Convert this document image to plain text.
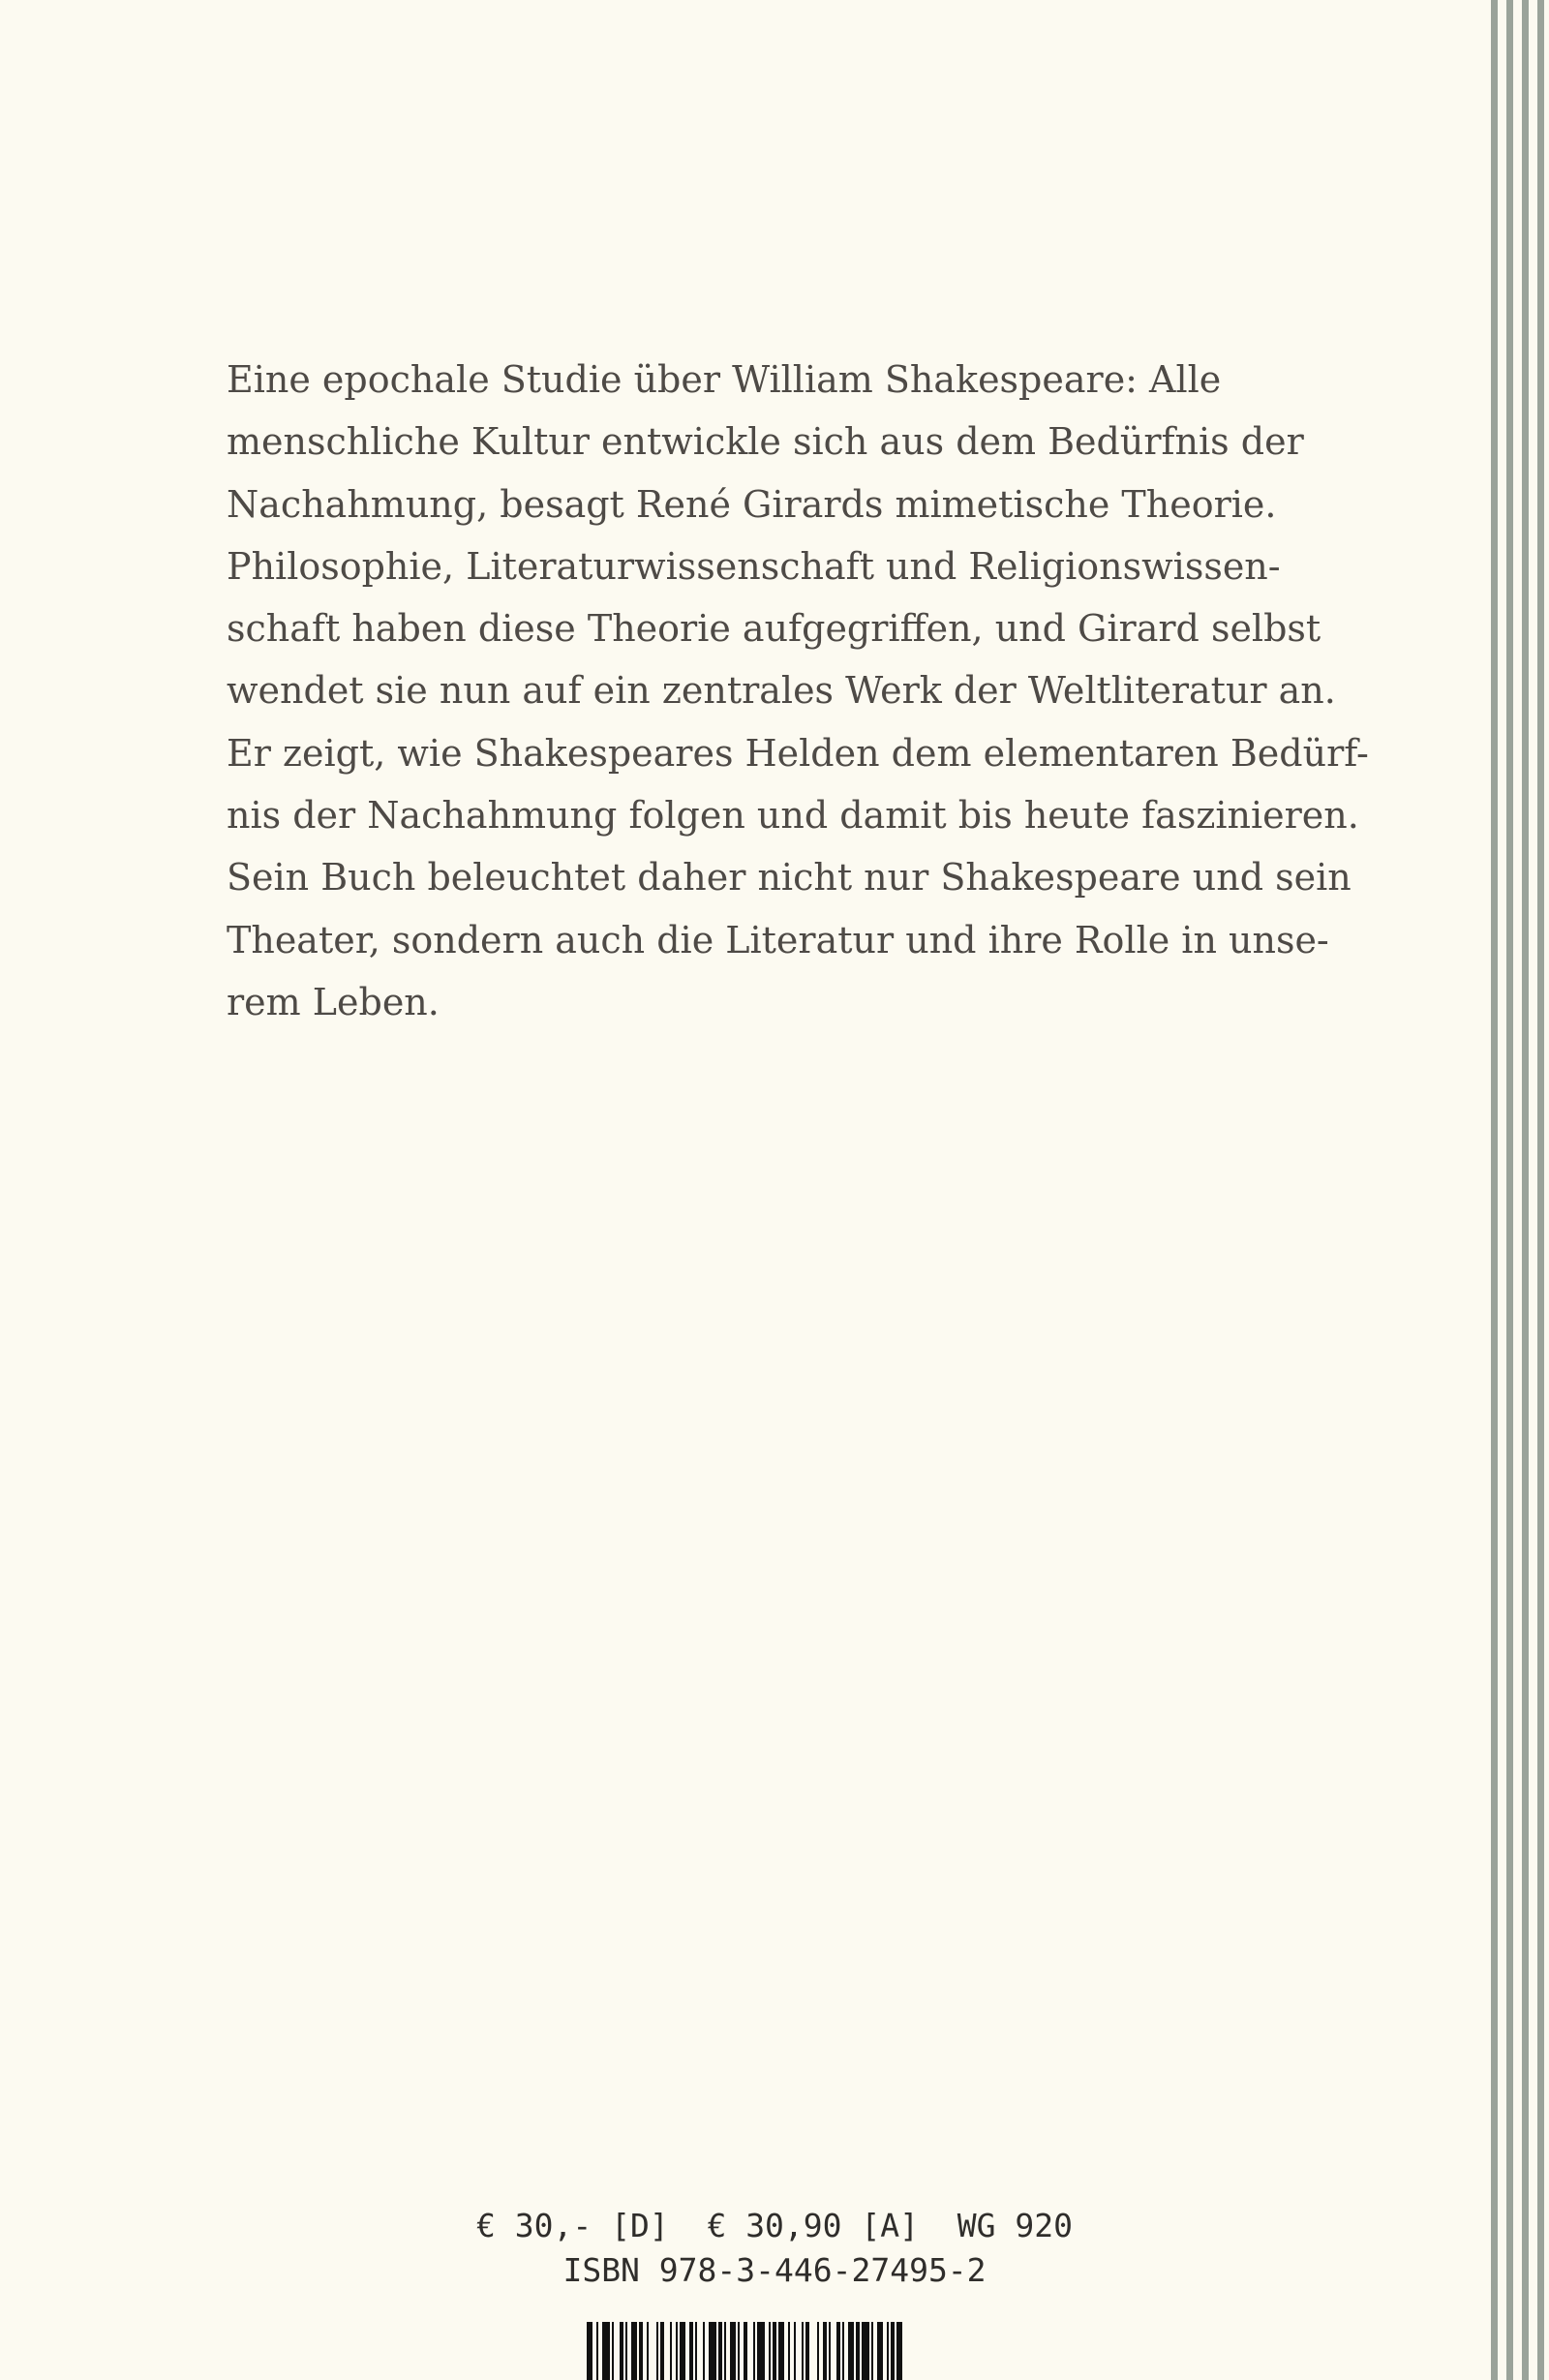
Eine epochale Studie über William Shakespeare: Alle
menschliche Kultur entwickle sich aus dem Bedürfnis der
Nachahmung, besagt René Girards mimetische Theorie.
Philosophie, Literaturwissenschaft und Religionswissen-
schaft haben diese Theorie aufgegriffen, und Girard selbst
wendet sie nun auf ein zentrales Werk der Weltliteratur an.
Er zeigt, wie Shakespeares Helden dem elementaren Bedürf-
nis der Nachahmung folgen und damit bis heute faszinieren.
Sein Buch beleuchtet daher nicht nur Shakespeare und sein
Theater, sondern auch die Literatur und ihre Rolle in unse-
rem Leben.

€ 30,- [D]  € 30,90 [A]  WG 920
ISBN 978-3-446-27495-2
